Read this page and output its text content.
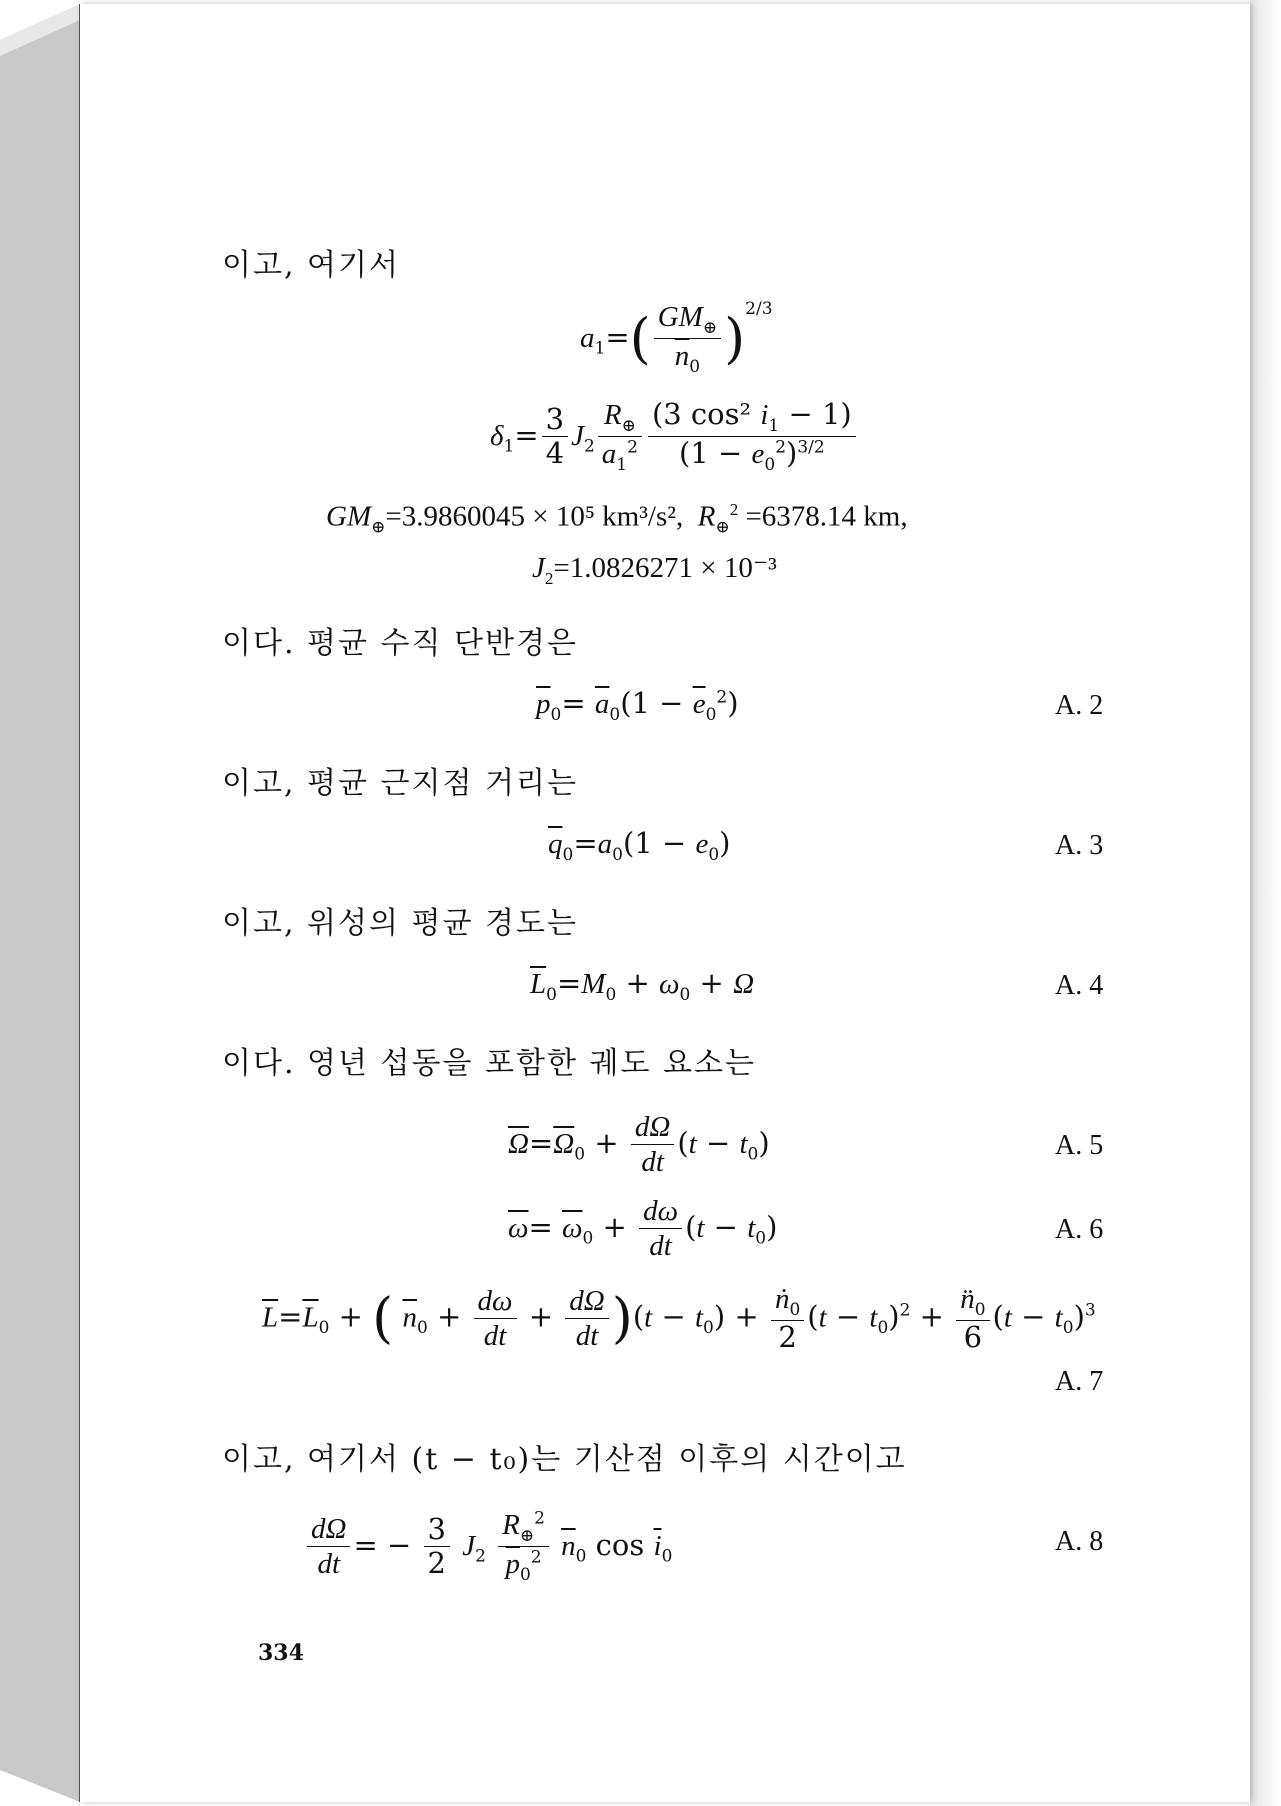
이고, 여기서
$a_1=( \frac{GM_\oplus}{\overline{n}_0} )^{2/3}$
$\delta_1= \frac{3}{4} J_2 \frac{R_\oplus}{a_1^2} \frac{(3 \cos^2 i_1 - 1)}{(1 - e_0^2)^{3/2}}$
$GM_\oplus=3.9860045 \times 10^5$ km³/s², $R_\oplus^2 =6378.14$ km,
$J_2=1.0826271 \times 10^{-3}$
이다. 평균 수직 단반경은
$\overline{p}_0= \overline{a}_0(1 - \overline{e}_0^2)$	A. 2
이고, 평균 근지점 거리는
$\overline{q}_0=a_0(1 - e_0)$	A. 3
이고, 위성의 평균 경도는
$\overline{L}_0=M_0 + \omega_0 + \Omega$	A. 4
이다. 영년 섭동을 포함한 궤도 요소는
$\overline{\Omega}=\overline{\Omega}_0 + \frac{d\Omega}{dt} (t - t_0)$	A. 5
$\overline{\omega}= \overline{\omega}_0 + \frac{d\omega}{dt} (t - t_0)$	A. 6
$\overline{L}=\overline{L}_0$ + ( $\overline{n}_0 + \frac{d\omega}{dt} + \frac{d\Omega}{dt} )(t - t_0) + \frac{ṅ_0}{2} (t - t_0)^2 + \frac{n̈_0}{6} (t - t_0)^3$
A. 7
이고, 여기서 (t − t₀)는 기산점 이후의 시간이고
$\frac{d\Omega}{dt}$ = − $\frac{3}{2} J_2 \frac{R_\oplus^2}{\overline{p}_0^2} \overline{n}_0$ $\cos \overline{i}_0$	A. 8
334
